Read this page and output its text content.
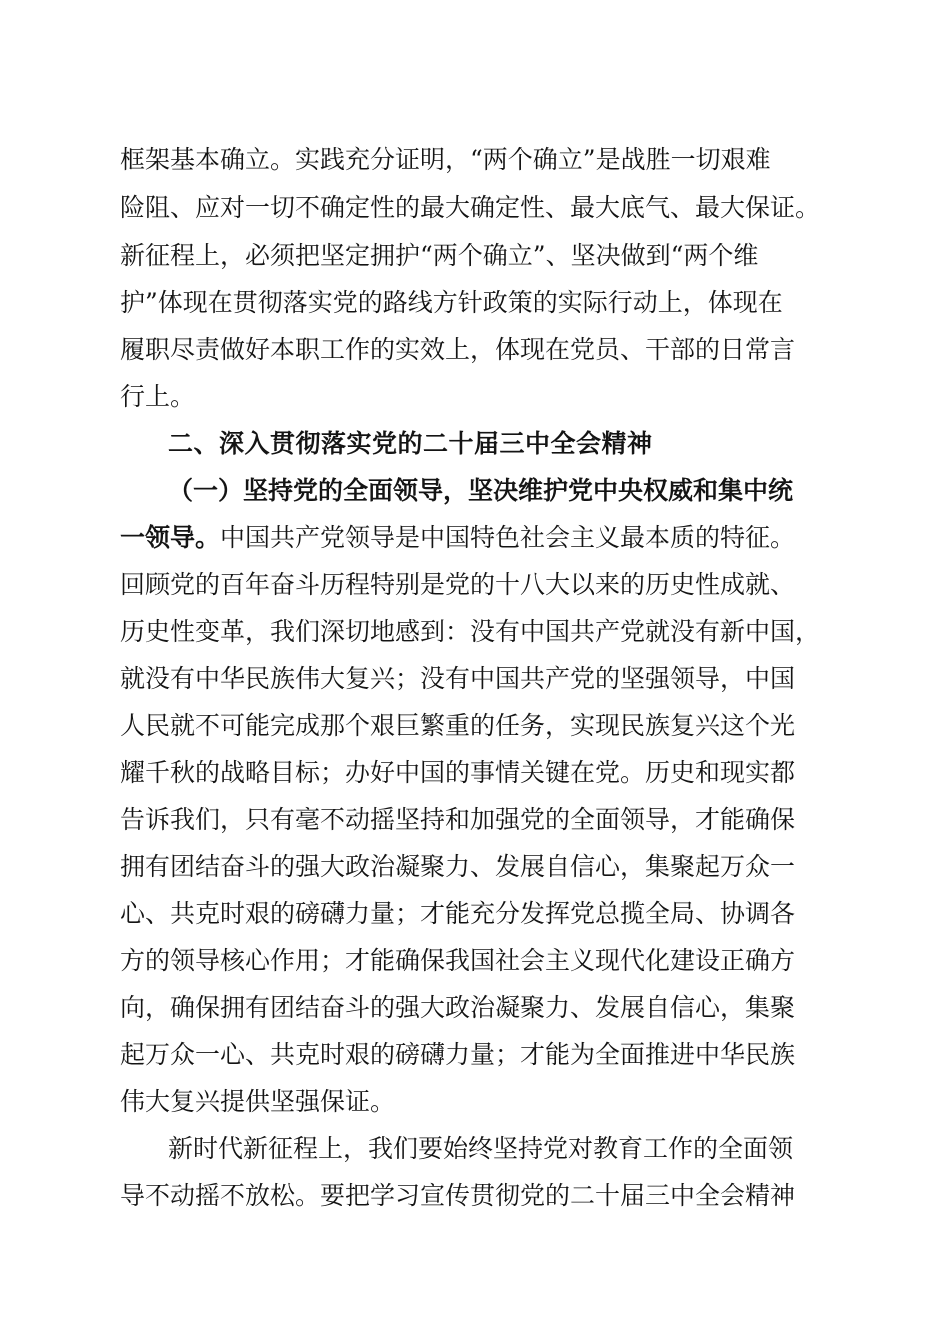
框架基本确立。实践充分证明，“两个确立”是战胜一切艰难
险阻、应对一切不确定性的最大确定性、最大底气、最大保证。
新征程上，必须把坚定拥护“两个确立”、坚决做到“两个维
护”体现在贯彻落实党的路线方针政策的实际行动上，体现在
履职尽责做好本职工作的实效上，体现在党员、干部的日常言
行上。
二、深入贯彻落实党的二十届三中全会精神
（一）坚持党的全面领导，坚决维护党中央权威和集中统
一领导。中国共产党领导是中国特色社会主义最本质的特征。
回顾党的百年奋斗历程特别是党的十八大以来的历史性成就、
历史性变革，我们深切地感到：没有中国共产党就没有新中国，
就没有中华民族伟大复兴；没有中国共产党的坚强领导，中国
人民就不可能完成那个艰巨繁重的任务，实现民族复兴这个光
耀千秋的战略目标；办好中国的事情关键在党。历史和现实都
告诉我们，只有毫不动摇坚持和加强党的全面领导，才能确保
拥有团结奋斗的强大政治凝聚力、发展自信心，集聚起万众一
心、共克时艰的磅礴力量；才能充分发挥党总揽全局、协调各
方的领导核心作用；才能确保我国社会主义现代化建设正确方
向，确保拥有团结奋斗的强大政治凝聚力、发展自信心，集聚
起万众一心、共克时艰的磅礴力量；才能为全面推进中华民族
伟大复兴提供坚强保证。
新时代新征程上，我们要始终坚持党对教育工作的全面领
导不动摇不放松。要把学习宣传贯彻党的二十届三中全会精神
